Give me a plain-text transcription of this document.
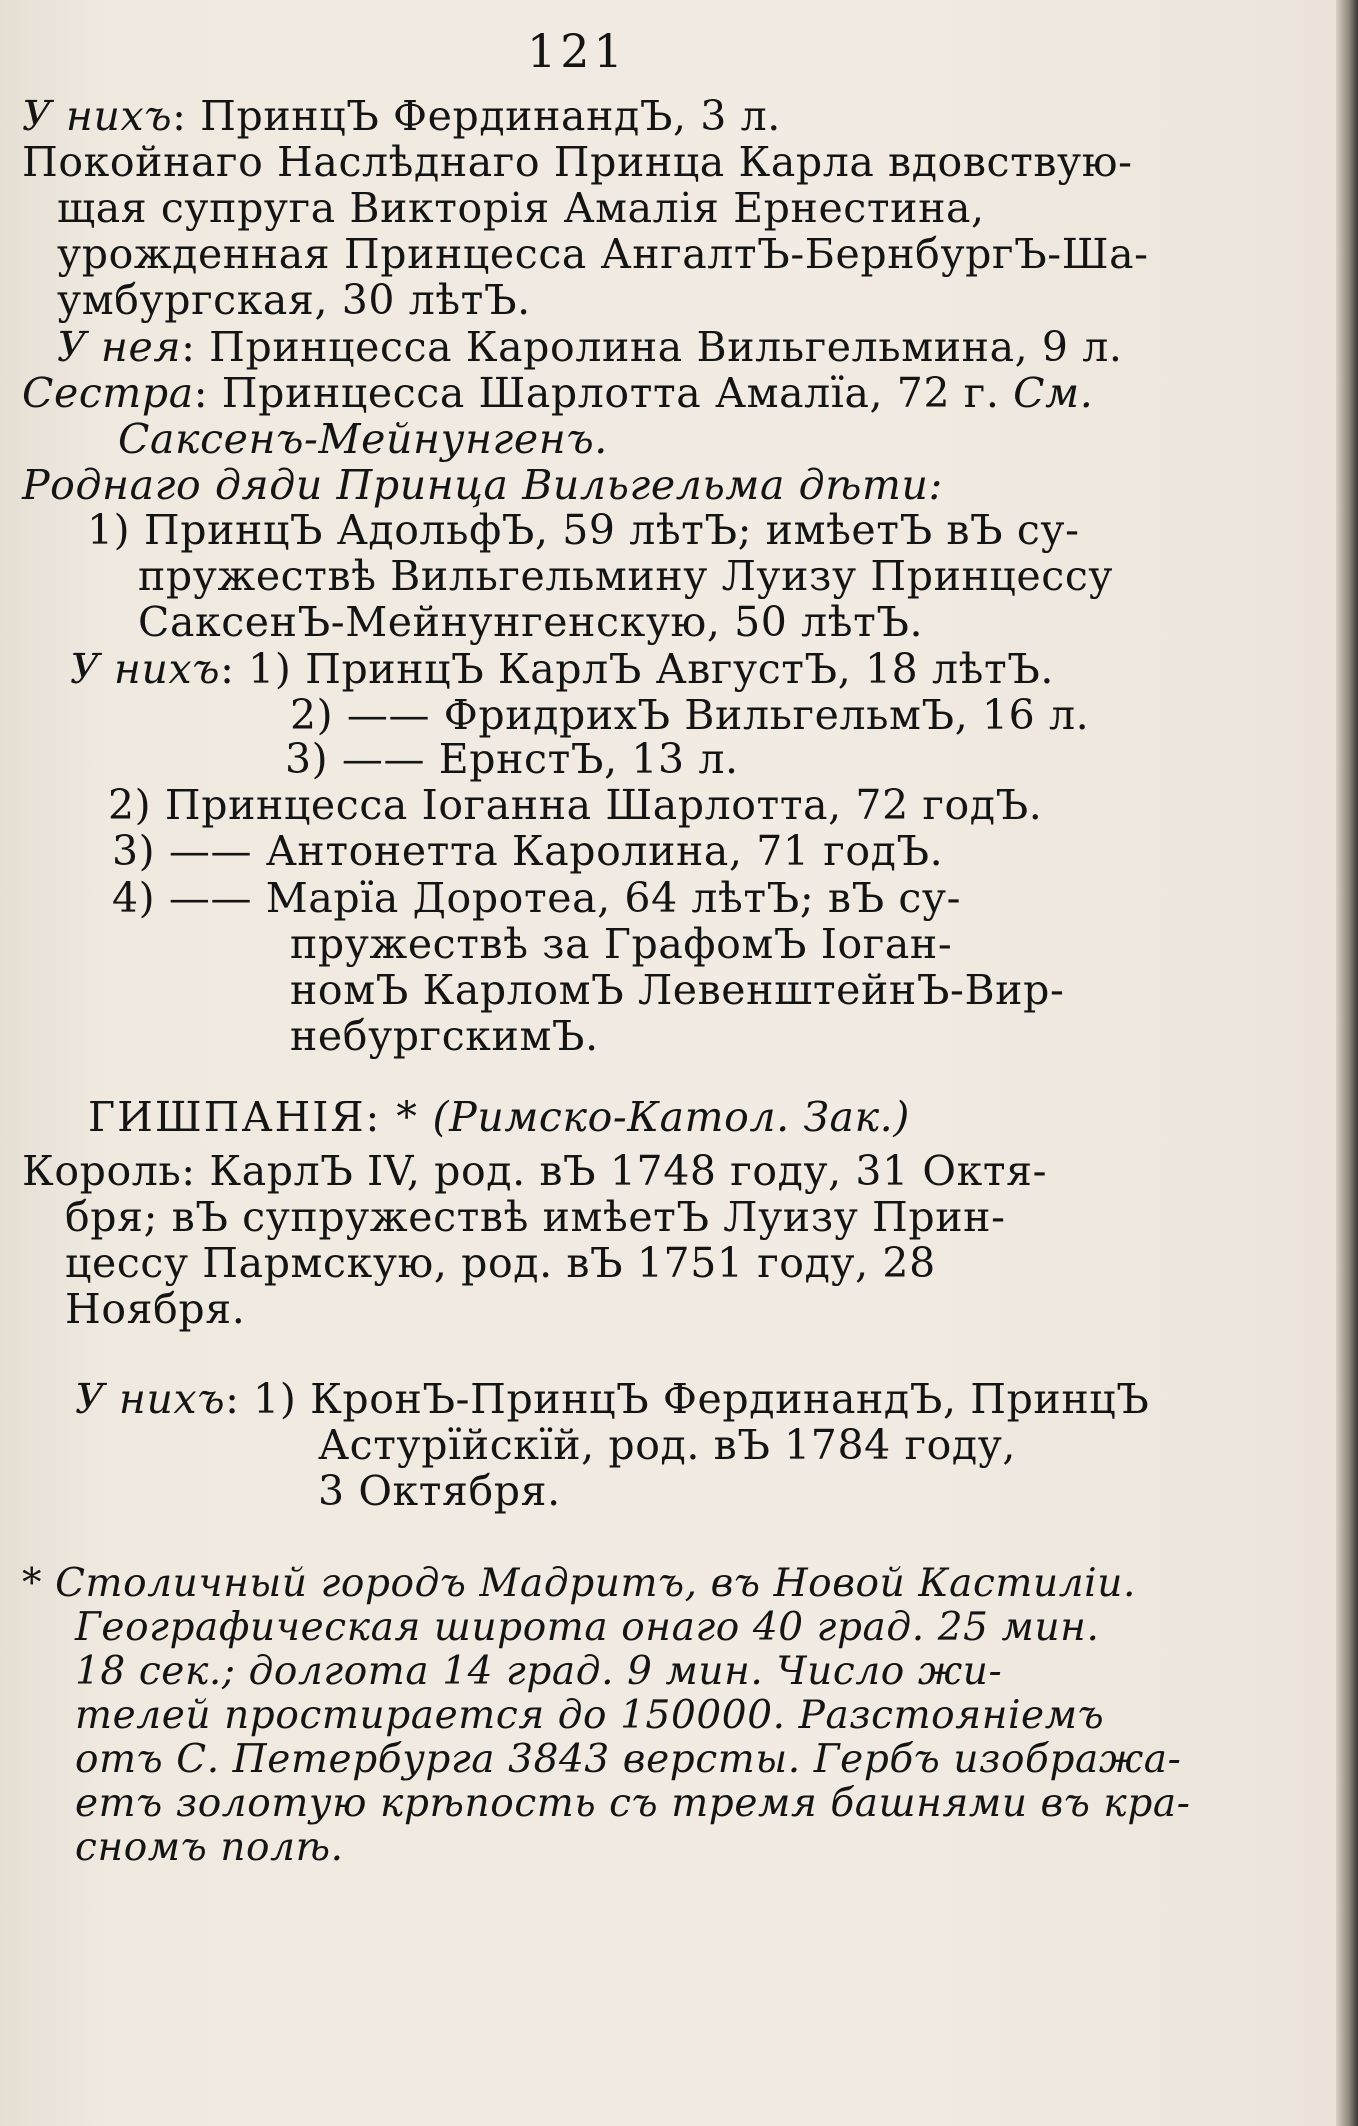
121
У нихъ: ПринцЪ ФердинандЪ, 3 л.
Покойнаго Наслѣднаго Принца Карла вдовствую-
щая супруга Викторія Амалія Ернестина,
урожденная Принцесса АнгалтЪ-БернбургЪ-Ша-
умбургская, 30 лѣтЪ.
У нея: Принцесса Каролина Вильгельмина, 9 л.
Сестра: Принцесса Шарлотта Амалїа, 72 г. См.
Саксенъ-Мейнунгенъ.
Роднаго дяди Принца Вильгельма дѣти:
1) ПринцЪ АдольфЪ, 59 лѣтЪ; имѣетЪ вЪ су-
пружествѣ Вильгельмину Луизу Принцессу
СаксенЪ-Мейнунгенскую, 50 лѣтЪ.
У нихъ: 1) ПринцЪ КарлЪ АвгустЪ, 18 лѣтЪ.
2) —— ФридрихЪ ВильгельмЪ, 16 л.
3) —— ЕрнстЪ, 13 л.
2) Принцесса Іоганна Шарлотта, 72 годЪ.
3) —— Антонетта Каролина, 71 годЪ.
4) —— Марїа Доротеа, 64 лѣтЪ; вЪ су-
пружествѣ за ГрафомЪ Іоган-
номЪ КарломЪ ЛевенштейнЪ-Вир-
небургскимЪ.
ГИШПАНІЯ: * (Римско-Катол. Зак.)
Король: КарлЪ IV, род. вЪ 1748 году, 31 Октя-
бря; вЪ супружествѣ имѣетЪ Луизу Прин-
цессу Пармскую, род. вЪ 1751 году, 28
Ноября.
У нихъ: 1) КронЪ-ПринцЪ ФердинандЪ, ПринцЪ
Астурїйскїй, род. вЪ 1784 году,
3 Октября.
* Столичный городъ Мадритъ, въ Новой Кастиліи.
Географическая широта онаго 40 град. 25 мин.
18 сек.; долгота 14 град. 9 мин. Число жи-
телей простирается до 150000. Разстояніемъ
отъ С. Петербурга 3843 версты. Гербъ изобража-
етъ золотую крѣпость съ тремя башнями въ кра-
сномъ полѣ.
